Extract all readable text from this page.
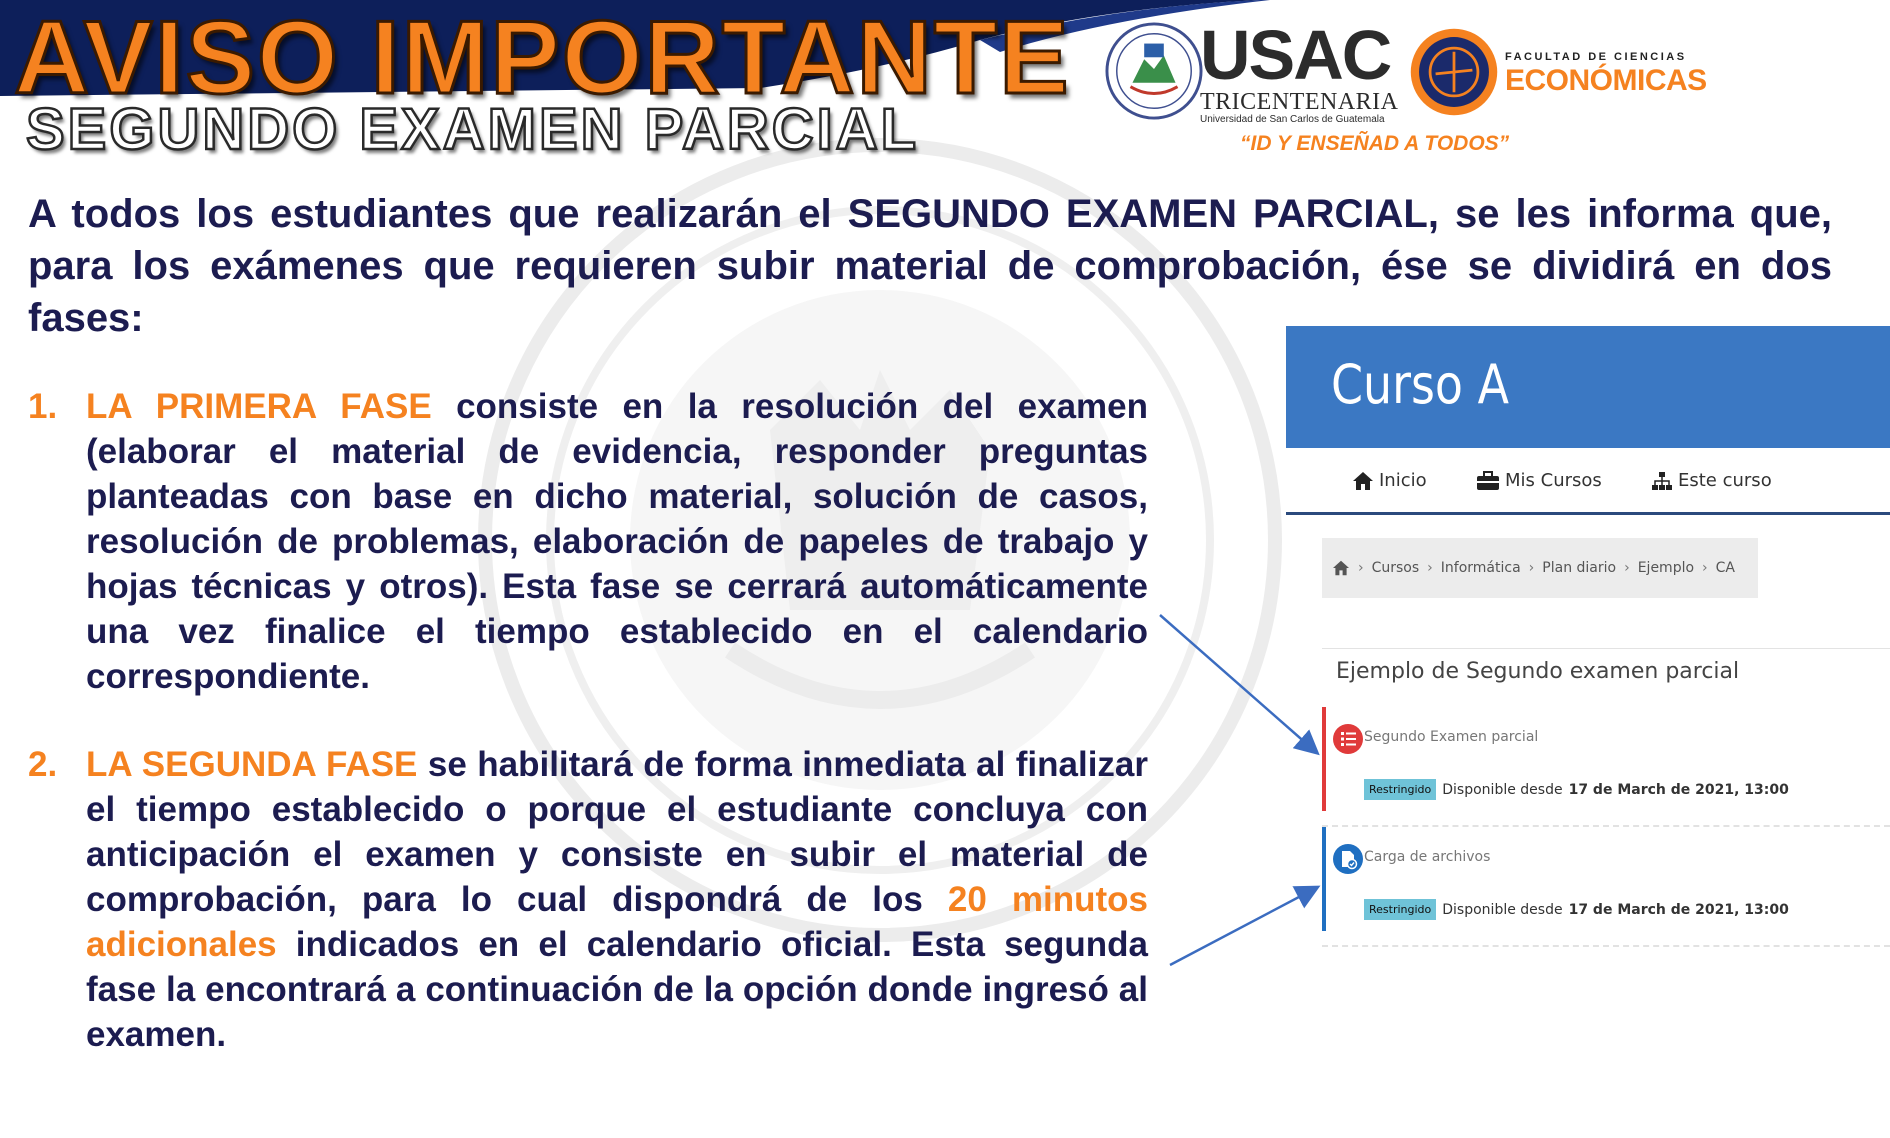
AVISO IMPORTANTE
SEGUNDO EXAMEN PARCIAL
USAC
TRICENTENARIA
Universidad de San Carlos de Guatemala
FACULTAD DE CIENCIAS
ECONÓMICAS
“ID Y ENSEÑAD A TODOS”
A todos los estudiantes que realizarán el SEGUNDO EXAMEN PARCIAL, se les informa que, para los exámenes que requieren subir material de comprobación, ése se dividirá en dos fases:
1. LA PRIMERA FASE consiste en la resolución del examen (elaborar el material de evidencia, responder preguntas planteadas con base en dicho material, solución de casos, resolución de problemas, elaboración de papeles de trabajo y hojas técnicas y otros). Esta fase se cerrará automáticamente una vez finalice el tiempo establecido en el calendario correspondiente.
2. LA SEGUNDA FASE se habilitará de forma inmediata al finalizar el tiempo establecido o porque el estudiante concluya con anticipación el examen y consiste en subir el material de comprobación, para lo cual dispondrá de los 20 minutos adicionales indicados en el calendario oficial. Esta segunda fase la encontrará a continuación de la opción donde ingresó al examen.
Curso A
Inicio	Mis Cursos	Este curso
› Cursos › Informática › Plan diario › Ejemplo › CA
Ejemplo de Segundo examen parcial
Segundo Examen parcial
Restringido Disponible desde 17 de March de 2021, 13:00
Carga de archivos
Restringido Disponible desde 17 de March de 2021, 13:00
